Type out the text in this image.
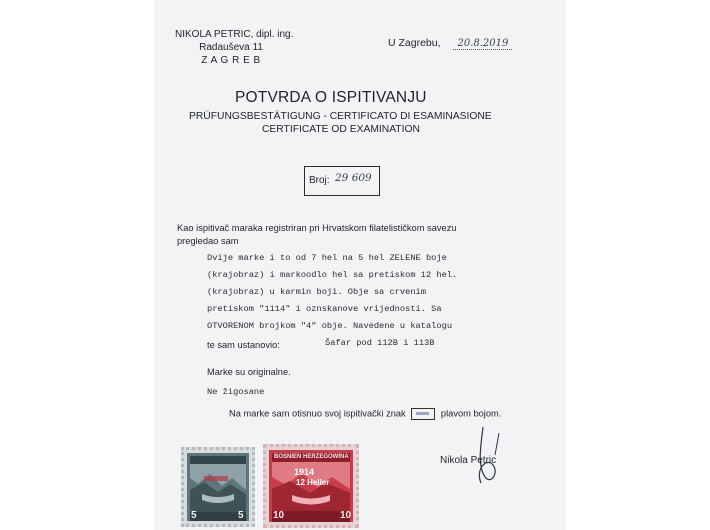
NIKOLA PETRIC, dipl. ing.
Radauševa 11
Z A G R E B
U Zagrebu, 20.8.2019
POTVRDA O ISPITIVANJU
PRÜFUNGSBESTÄTIGUNG - CERTIFICATO DI ESAMINASIONE
CERTIFICATE OD EXAMINATION
Broj: 29 609
Kao ispitivač maraka registriran pri Hrvatskom filatelističkom savezu
pregledao sam
Dvije marke i to od 7 hel na 5 hel ZELENE boje
(krajobraz) i markoodlo hel sa pretiskom 12 hel.
(krajobraz) u karmin boji. Obje sa crvenim
pretiskom "1114" i oznskanove vrijednosti. Sa
OTVORENOM brojkom "4" obje. Navedene u katalogu
te sam ustanovio:	Šafar pod 112B i 113B
Marke su originalne.
Ne žigosane
Na marke sam otisnuo svoj ispitivački znak	plavom bojom.
5	5
BOSNIEN HERZEGOWINA
1914
12 Heller
10	10
Nikola Petric
